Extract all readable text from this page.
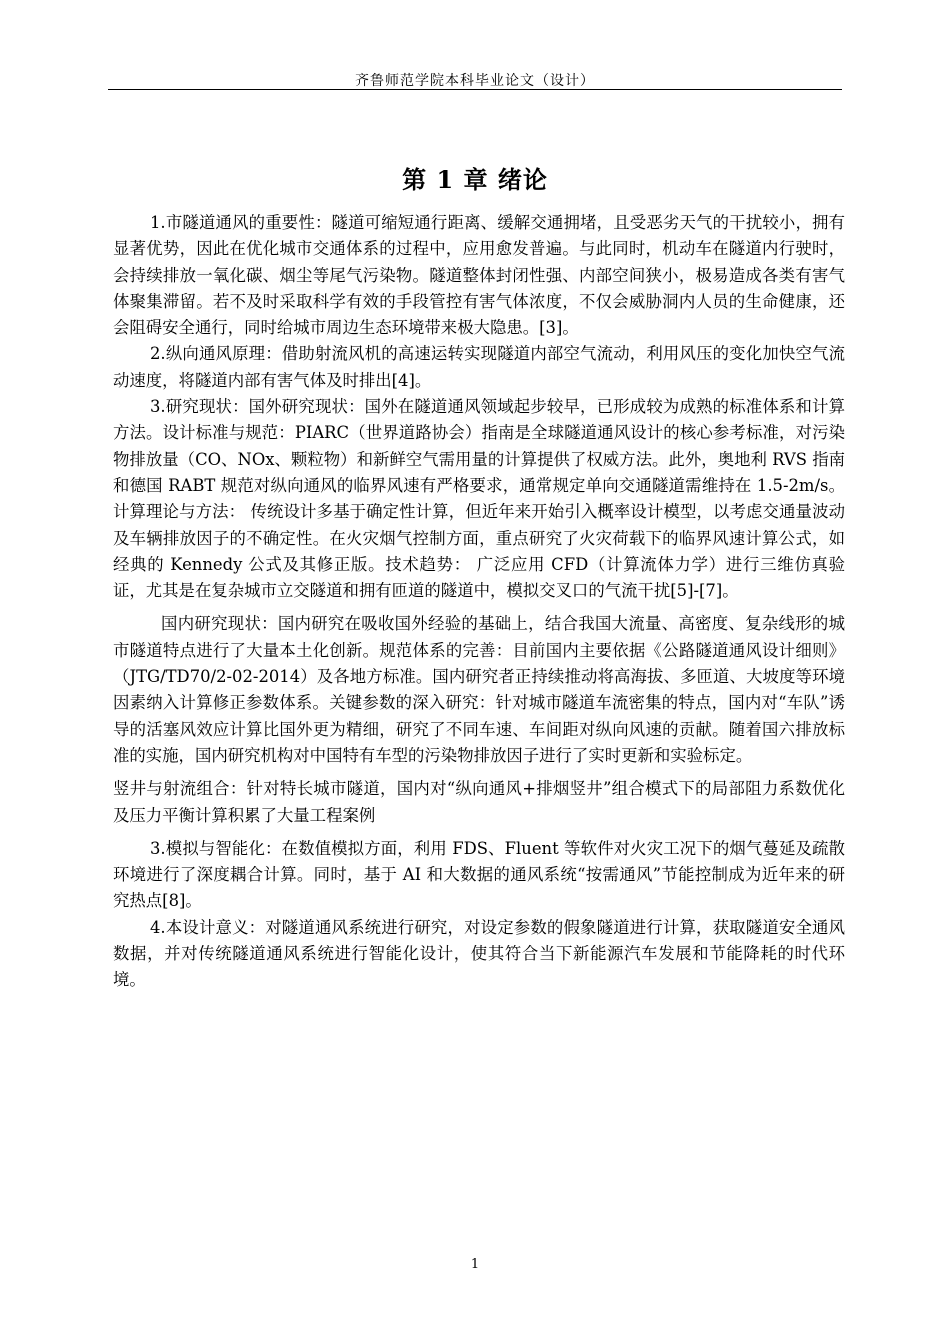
齐鲁师范学院本科毕业论文（设计）
第 1 章 绪论

1.市隧道通风的重要性：隧道可缩短通行距离、缓解交通拥堵，且受恶劣天气的干扰较小，拥有显著优势，因此在优化城市交通体系的过程中，应用愈发普遍。与此同时，机动车在隧道内行驶时，会持续排放一氧化碳、烟尘等尾气污染物。隧道整体封闭性强、内部空间狭小，极易造成各类有害气体聚集滞留。若不及时采取科学有效的手段管控有害气体浓度，不仅会威胁洞内人员的生命健康，还会阻碍安全通行，同时给城市周边生态环境带来极大隐患。[3]。

2.纵向通风原理：借助射流风机的高速运转实现隧道内部空气流动，利用风压的变化加快空气流动速度，将隧道内部有害气体及时排出[4]。

3.研究现状：国外研究现状：国外在隧道通风领域起步较早，已形成较为成熟的标准体系和计算方法。设计标准与规范：PIARC（世界道路协会）指南是全球隧道通风设计的核心参考标准，对污染物排放量（CO、NOx、颗粒物）和新鲜空气需用量的计算提供了权威方法。此外，奥地利 RVS 指南和德国 RABT 规范对纵向通风的临界风速有严格要求，通常规定单向交通隧道需维持在 1.5-2m/s。计算理论与方法： 传统设计多基于确定性计算，但近年来开始引入概率设计模型，以考虑交通量波动及车辆排放因子的不确定性。在火灾烟气控制方面，重点研究了火灾荷载下的临界风速计算公式，如经典的 Kennedy 公式及其修正版。技术趋势： 广泛应用 CFD（计算流体力学）进行三维仿真验证，尤其是在复杂城市立交隧道和拥有匝道的隧道中，模拟交叉口的气流干扰[5]-[7]。

国内研究现状：国内研究在吸收国外经验的基础上，结合我国大流量、高密度、复杂线形的城市隧道特点进行了大量本土化创新。规范体系的完善：目前国内主要依据《公路隧道通风设计细则》（JTG/TD70/2-02-2014）及各地方标准。国内研究者正持续推动将高海拔、多匝道、大坡度等环境因素纳入计算修正参数体系。关键参数的深入研究：针对城市隧道车流密集的特点，国内对“车队”诱导的活塞风效应计算比国外更为精细，研究了不同车速、车间距对纵向风速的贡献。随着国六排放标准的实施，国内研究机构对中国特有车型的污染物排放因子进行了实时更新和实验标定。

竖井与射流组合：针对特长城市隧道，国内对“纵向通风+排烟竖井”组合模式下的局部阻力系数优化及压力平衡计算积累了大量工程案例

3.模拟与智能化：在数值模拟方面，利用 FDS、Fluent 等软件对火灾工况下的烟气蔓延及疏散环境进行了深度耦合计算。同时，基于 AI 和大数据的通风系统“按需通风”节能控制成为近年来的研究热点[8]。

4.本设计意义：对隧道通风系统进行研究，对设定参数的假象隧道进行计算，获取隧道安全通风数据，并对传统隧道通风系统进行智能化设计，使其符合当下新能源汽车发展和节能降耗的时代环境。

1
